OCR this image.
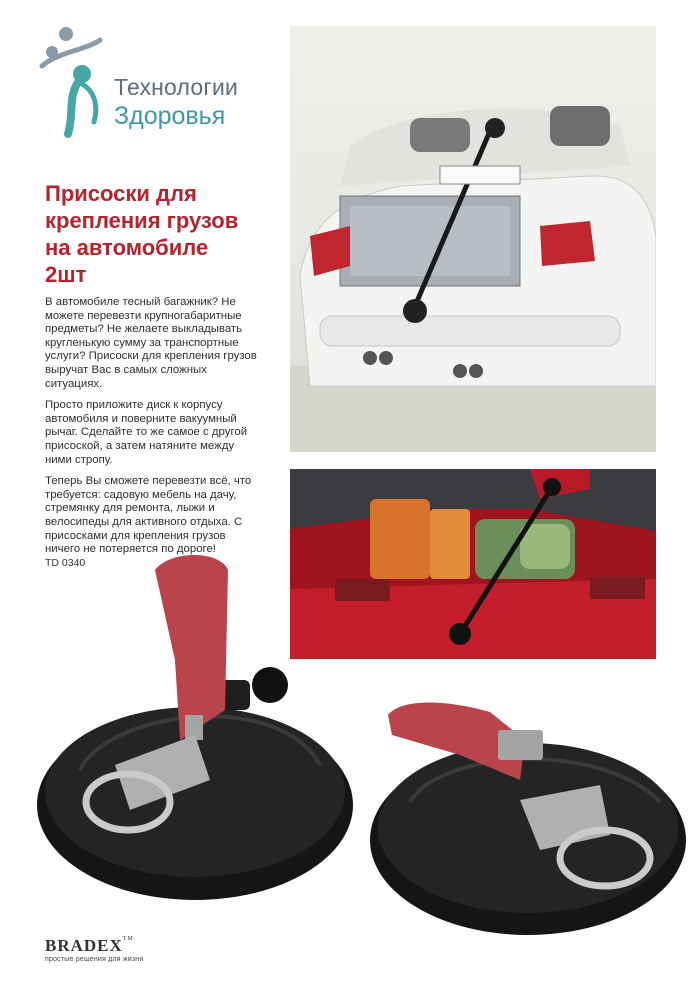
Технологии
Здоровья
Присоски для
крепления грузов
на автомобиле
2шт

В автомобиле тесный багажник? Не можете перевезти крупногабаритные предметы? Не желаете выкладывать кругленькую сумму за транспортные услуги? Присоски для крепления грузов выручат Вас в самых сложных ситуациях.

Просто приложите диск к корпусу автомобиля и поверните вакуумный рычаг. Сделайте то же самое с другой присоской, а затем натяните между ними стропу.

Теперь Вы сможете перевезти всё, что требуется: садовую мебель на дачу, стремянку для ремонта, лыжи и велосипеды для активного отдыха. С присосками для крепления грузов ничего не потеряется по дороге!

TD 0340
BRADEX™
простые решения для жизни
